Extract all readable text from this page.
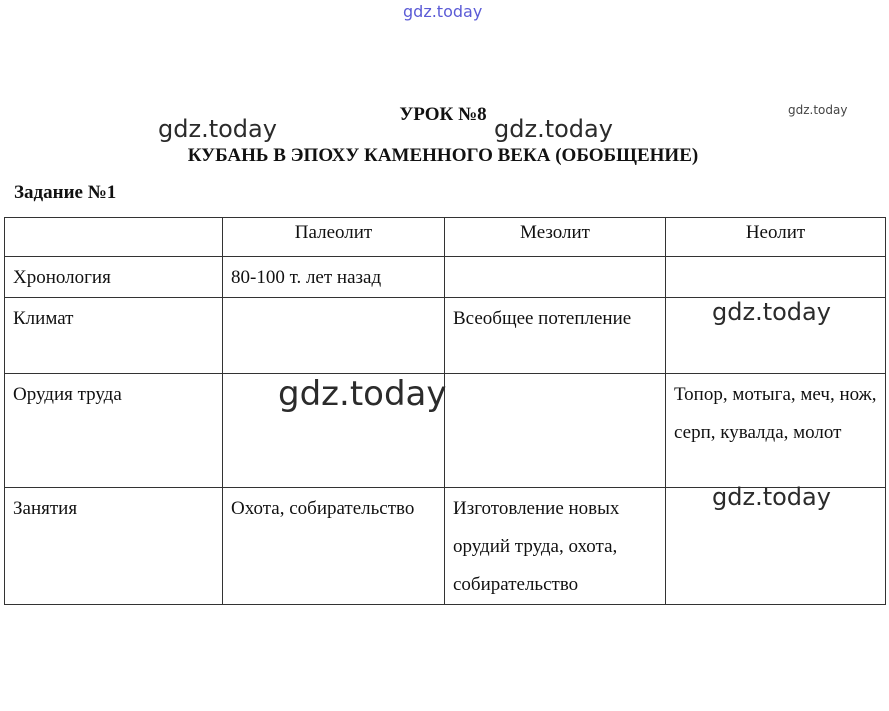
gdz.today
gdz.today
gdz.today
УРОК №8
КУБАНЬ В ЭПОХУ КАМЕННОГО ВЕКА (ОБОБЩЕНИЕ)
gdz.today
Задание №1
	Палеолит	Мезолит	Неолит

Хронология	80-100 т. лет назад		

Климат		Всеобщее потепление	

Орудия труда			Топор, мотыга, меч, нож, серп, кувалда, молот

Занятия	Охота, собирательство	Изготовление новых орудий труда, охота, собирательство	

gdz.today
gdz.today
gdz.today
